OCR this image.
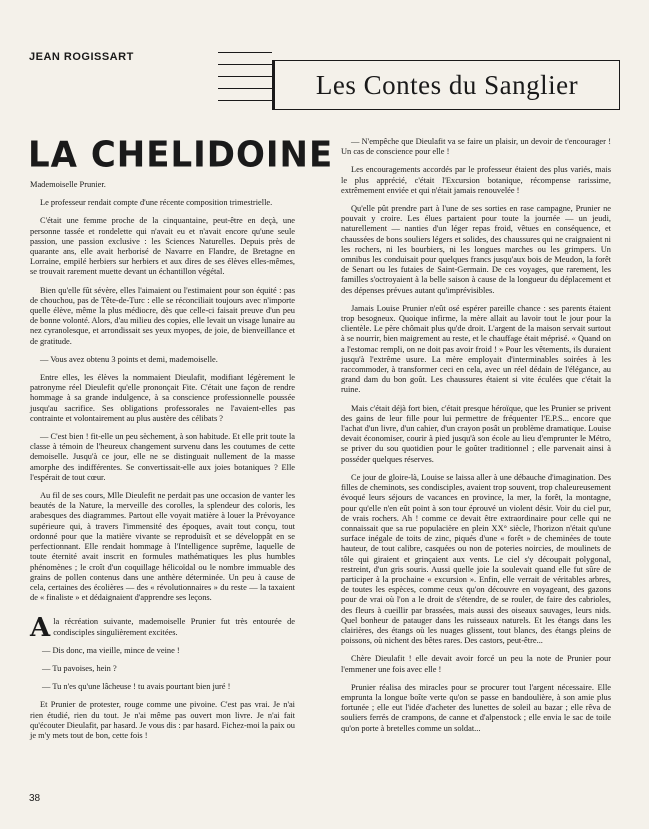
JEAN ROGISSART
Les Contes du Sanglier
LA CHELIDOINE

Mademoiselle Prunier.

Le professeur rendait compte d'une récente composition trimestrielle.

C'était une femme proche de la cinquantaine, peut-être en deçà, une personne tassée et rondelette qui n'avait eu et n'avait encore qu'une seule passion, une passion exclusive : les Sciences Naturelles. Depuis près de quarante ans, elle avait herborisé de Navarre en Flandre, de Bretagne en Lorraine, empilé herbiers sur herbiers et aux dires de ses élèves elles-mêmes, se trouvait rarement muette devant un échantillon végétal.

Bien qu'elle fût sévère, elles l'aimaient ou l'estimaient pour son équité : pas de chouchou, pas de Tête-de-Turc : elle se réconciliait toujours avec n'importe quelle élève, même la plus médiocre, dès que celle-ci faisait preuve d'un peu de bonne volonté. Alors, d'au milieu des copies, elle levait un visage lunaire au nez cyranolesque, et arrondissait ses yeux myopes, de joie, de bienveillance et de gratitude.

— Vous avez obtenu 3 points et demi, mademoiselle.

Entre elles, les élèves la nommaient Dieulafit, modifiant légèrement le patronyme réel Dieulefit qu'elle prononçait Fite. C'était une façon de rendre hommage à sa grande indulgence, à sa conscience professionnelle poussée jusqu'au sacrifice. Ses obligations professorales ne l'avaient-elles pas contrainte et volontairement au plus austère des célibats ?

— C'est bien ! fit-elle un peu sèchement, à son habitude. Et elle prit toute la classe à témoin de l'heureux changement survenu dans les coutumes de cette demoiselle. Jusqu'à ce jour, elle ne se distinguait nullement de la masse amorphe des indifférentes. Se convertissait-elle aux joies botaniques ? Elle l'espérait de tout cœur.

Au fil de ses cours, Mlle Dieulefit ne perdait pas une occasion de vanter les beautés de la Nature, la merveille des corolles, la splendeur des coloris, les arabesques des diagrammes. Partout elle voyait matière à louer la Prévoyance supérieure qui, à travers l'immensité des époques, avait tout conçu, tout ordonné pour que la matière vivante se reproduisît et se développât en se perfectionnant. Elle rendait hommage à l'Intelligence suprême, laquelle de toute éternité avait inscrit en formules mathématiques les plus humbles phénomènes ; le croît d'un coquillage hélicoïdal ou le nombre immuable des grains de pollen contenus dans une anthère déterminée. Un peu à cause de cela, certaines des écolières — des « révolutionnaires » du reste — la taxaient de « finaliste » et dédaignaient d'apprendre ses leçons.

A la récréation suivante, mademoiselle Prunier fut très entourée de condisciples singulièrement excitées.

— Dis donc, ma vieille, mince de veine !

— Tu pavoises, hein ?

— Tu n'es qu'une lâcheuse ! tu avais pourtant bien juré !

Et Prunier de protester, rouge comme une pivoine. C'est pas vrai. Je n'ai rien étudié, rien du tout. Je n'ai même pas ouvert mon livre. Je n'ai fait qu'écouter Dieulafit, par hasard. Je vous dis : par hasard. Fichez-moi la paix ou je m'y mets tout de bon, cette fois !

— N'empêche que Dieulafit va se faire un plaisir, un devoir de t'encourager ! Un cas de conscience pour elle !

Les encouragements accordés par le professeur étaient des plus variés, mais le plus apprécié, c'était l'Excursion botanique, récompense rarissime, extrêmement enviée et qui n'était jamais renouvelée !

Qu'elle pût prendre part à l'une de ses sorties en rase campagne, Prunier ne pouvait y croire. Les élues partaient pour toute la journée — un jeudi, naturellement — nanties d'un léger repas froid, vêtues en conséquence, et chaussées de bons souliers légers et solides, des chaussures qui ne craignaient ni les rochers, ni les bourbiers, ni les longues marches ou les grimpers. Un omnibus les conduisait pour quelques francs jusqu'aux bois de Meudon, la forêt de Senart ou les futaies de Saint-Germain. De ces voyages, que rarement, les familles s'octroyaient à la belle saison à cause de la longueur du déplacement et des dépenses prévues autant qu'imprévisibles.

Jamais Louise Prunier n'eût osé espérer pareille chance : ses parents étaient trop besogneux. Quoique infirme, la mère allait au lavoir tout le jour pour la clientèle. Le père chômait plus qu'de droit. L'argent de la maison servait surtout à se nourrir, bien maigrement au reste, et le chauffage était méprisé. « Quand on a l'estomac rempli, on ne doit pas avoir froid ! » Pour les vêtements, ils duraient jusqu'à l'extrême usure. La mère employait d'interminables soirées à les raccommoder, à transformer ceci en cela, avec un réel dédain de l'élégance, au grand dam du bon goût. Les chaussures étaient si vite éculées que c'était la ruine.

Mais c'était déjà fort bien, c'était presque héroïque, que les Prunier se privent des gains de leur fille pour lui permettre de fréquenter l'E.P.S... encore que l'achat d'un livre, d'un cahier, d'un crayon posât un problème dramatique. Louise devait économiser, courir à pied jusqu'à son école au lieu d'emprunter le Métro, se priver du sou quotidien pour le goûter traditionnel ; elle parvenait ainsi à posséder quelques réserves.

Ce jour de gloire-là, Louise se laissa aller à une débauche d'imagination. Des filles de cheminots, ses condisciples, avaient trop souvent, trop chaleureusement évoqué leurs séjours de vacances en province, la mer, la forêt, la montagne, pour qu'elle n'en eût point à son tour éprouvé un violent désir. Voir du ciel pur, de vrais rochers. Ah ! comme ce devait être extraordinaire pour celle qui ne connaissait que sa rue populacière en plein XX° siècle, l'horizon n'était qu'une surface inégale de toits de zinc, piqués d'une « forêt » de cheminées de toute hauteur, de tout calibre, casquées ou non de poteries noircies, de moulinets de tôle qui giraient et grinçaient aux vents. Le ciel s'y découpait polygonal, restreint, d'un gris souris. Aussi quelle joie la soulevait quand elle fut sûre de participer à la prochaine « excursion ». Enfin, elle verrait de véritables arbres, de toutes les espèces, comme ceux qu'on découvre en voyageant, des gazons pour de vrai où l'on a le droit de s'étendre, de se rouler, de faire des cabrioles, des fleurs à cueillir par brassées, mais aussi des oiseaux sauvages, leurs nids. Quel bonheur de patauger dans les ruisseaux naturels. Et les étangs dans les clairières, des étangs où les nuages glissent, tout blancs, des étangs pleins de poissons, où nichent des bêtes rares. Des castors, peut-être...

Chère Dieulafit ! elle devait avoir forcé un peu la note de Prunier pour l'emmener une fois avec elle !

Prunier réalisa des miracles pour se procurer tout l'argent nécessaire. Elle emprunta la longue boîte verte qu'on se passe en bandoulière, à son amie plus fortunée ; elle eut l'idée d'acheter des lunettes de soleil au bazar ; elle rêva de souliers ferrés de crampons, de canne et d'alpenstock ; elle envia le sac de toile qu'on porte à bretelles comme un soldat...

38
